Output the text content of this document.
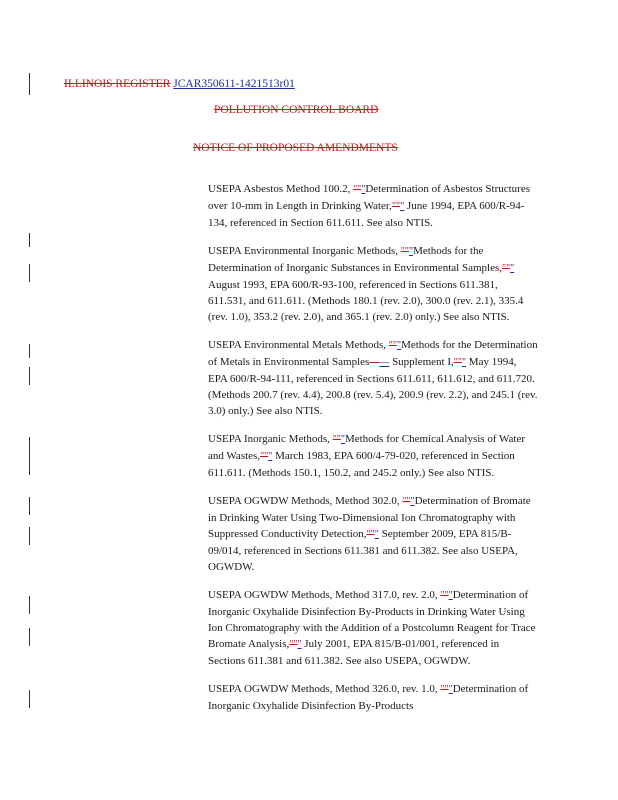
ILLINOIS REGISTER JCAR350611-1421513r01
POLLUTION CONTROL BOARD
NOTICE OF PROPOSED AMENDMENTS

USEPA Asbestos Method 100.2, """Determination of Asbestos Structures over 10-mm in Length in Drinking Water,""" June 1994, EPA 600/R-94-134, referenced in Section 611.611. See also NTIS.

USEPA Environmental Inorganic Methods, """Methods for the Determination of Inorganic Substances in Environmental Samples,""" August 1993, EPA 600/R-93-100, referenced in Sections 611.381, 611.531, and 611.611. (Methods 180.1 (rev. 2.0), 300.0 (rev. 2.1), 335.4 (rev. 1.0), 353.2 (rev. 2.0), and 365.1 (rev. 2.0) only.) See also NTIS.

USEPA Environmental Metals Methods, """Methods for the Determination of Metals in Environmental Samples—— Supplement I,""" May 1994, EPA 600/R-94-111, referenced in Sections 611.611, 611.612, and 611.720. (Methods 200.7 (rev. 4.4), 200.8 (rev. 5.4), 200.9 (rev. 2.2), and 245.1 (rev. 3.0) only.) See also NTIS.

USEPA Inorganic Methods, """Methods for Chemical Analysis of Water and Wastes,""" March 1983, EPA 600/4-79-020, referenced in Section 611.611. (Methods 150.1, 150.2, and 245.2 only.) See also NTIS.

USEPA OGWDW Methods, Method 302.0, """Determination of Bromate in Drinking Water Using Two-Dimensional Ion Chromatography with Suppressed Conductivity Detection,""" September 2009, EPA 815/B-09/014, referenced in Sections 611.381 and 611.382. See also USEPA, OGWDW.

USEPA OGWDW Methods, Method 317.0, rev. 2.0, """Determination of Inorganic Oxyhalide Disinfection By-Products in Drinking Water Using Ion Chromatography with the Addition of a Postcolumn Reagent for Trace Bromate Analysis,""" July 2001, EPA 815/B-01/001, referenced in Sections 611.381 and 611.382. See also USEPA, OGWDW.

USEPA OGWDW Methods, Method 326.0, rev. 1.0, """Determination of Inorganic Oxyhalide Disinfection By-Products
